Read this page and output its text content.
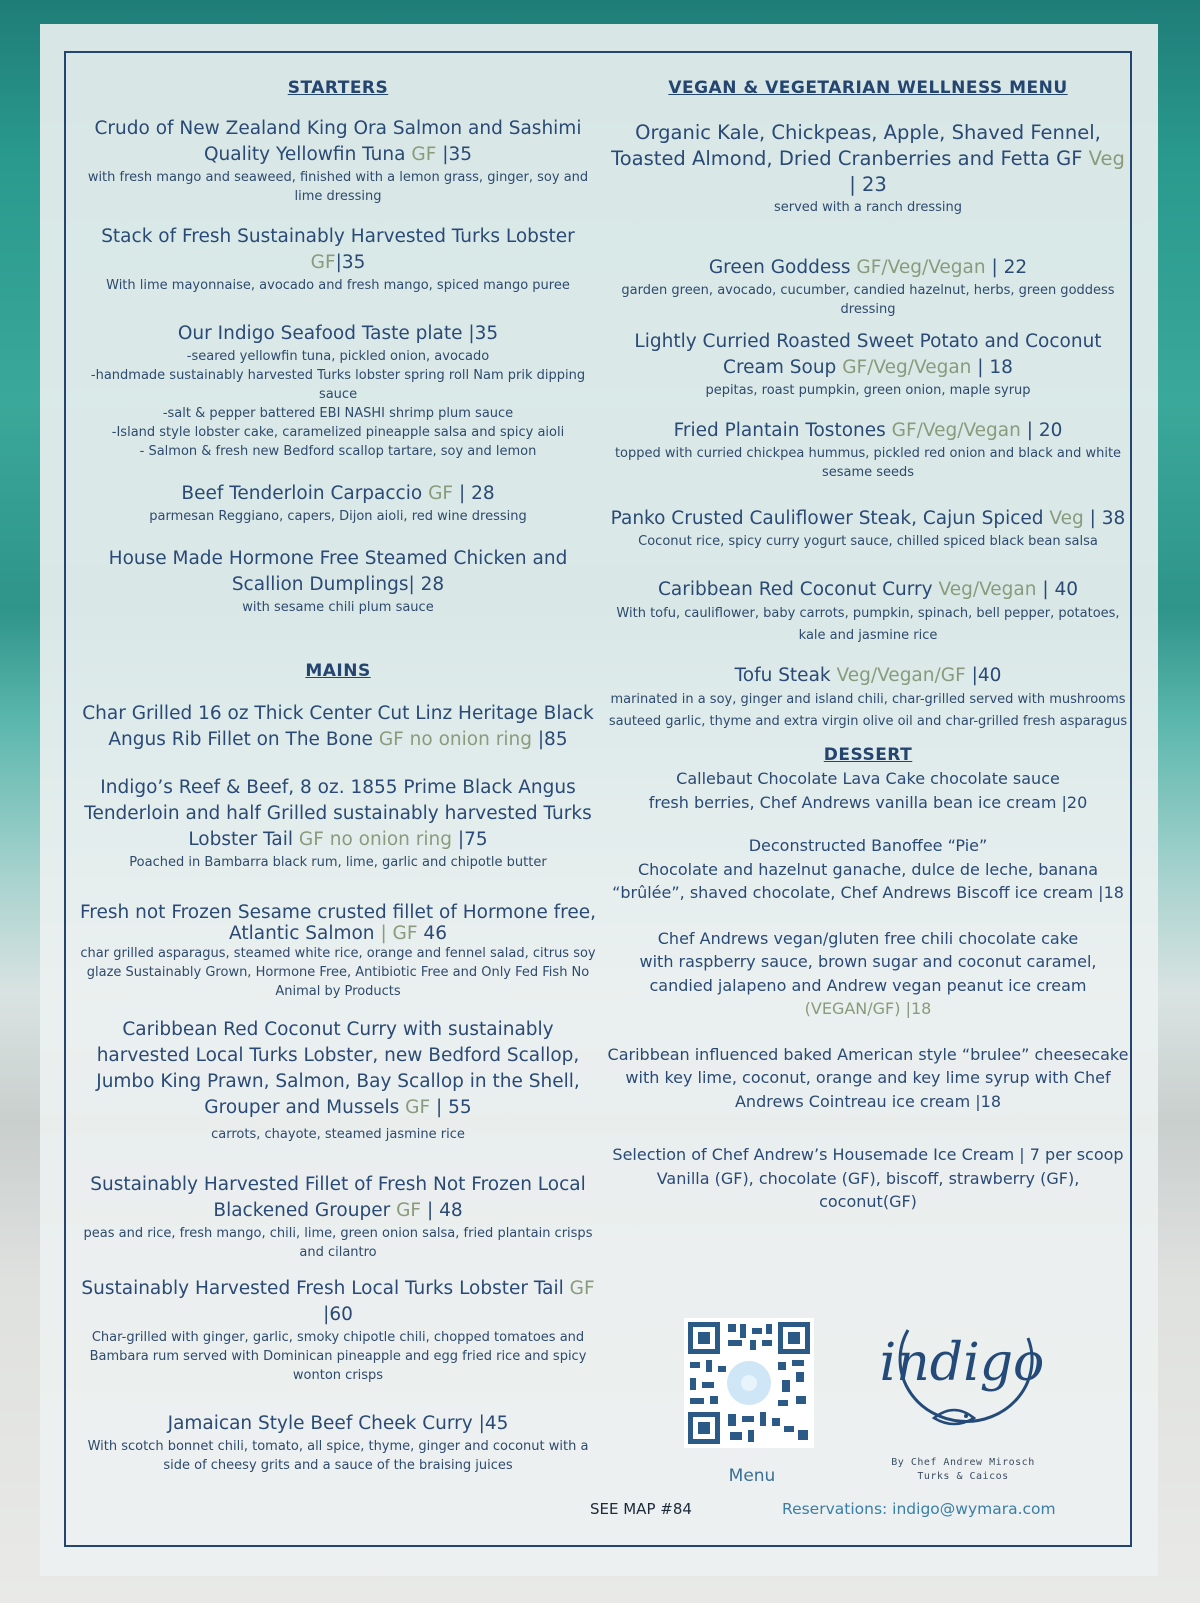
STARTERS

Crudo of New Zealand King Ora Salmon and Sashimi Quality Yellowfin Tuna GF |35
with fresh mango and seaweed, finished with a lemon grass, ginger, soy and lime dressing
Stack of Fresh Sustainably Harvested Turks Lobster GF|35
With lime mayonnaise, avocado and fresh mango, spiced mango puree
Our Indigo Seafood Taste plate |35
-seared yellowfin tuna, pickled onion, avocado
-handmade sustainably harvested Turks lobster spring roll Nam prik dipping sauce
-salt & pepper battered EBI NASHI shrimp plum sauce
-Island style lobster cake, caramelized pineapple salsa and spicy aioli
- Salmon & fresh new Bedford scallop tartare, soy and lemon
Beef Tenderloin Carpaccio GF | 28
parmesan Reggiano, capers, Dijon aioli, red wine dressing
House Made Hormone Free Steamed Chicken and Scallion Dumplings| 28
with sesame chili plum sauce

MAINS

Char Grilled 16 oz Thick Center Cut Linz Heritage Black Angus Rib Fillet on The Bone GF no onion ring |85
Indigo’s Reef & Beef, 8 oz. 1855 Prime Black Angus Tenderloin and half Grilled sustainably harvested Turks Lobster Tail GF no onion ring |75
Poached in Bambarra black rum, lime, garlic and chipotle butter
Fresh not Frozen Sesame crusted fillet of Hormone free, Atlantic Salmon | GF 46
char grilled asparagus, steamed white rice, orange and fennel salad, citrus soy glaze Sustainably Grown, Hormone Free, Antibiotic Free and Only Fed Fish No Animal by Products
Caribbean Red Coconut Curry with sustainably harvested Local Turks Lobster, new Bedford Scallop, Jumbo King Prawn, Salmon, Bay Scallop in the Shell, Grouper and Mussels GF | 55
carrots, chayote, steamed jasmine rice
Sustainably Harvested Fillet of Fresh Not Frozen Local Blackened Grouper GF | 48
peas and rice, fresh mango, chili, lime, green onion salsa, fried plantain crisps and cilantro
Sustainably Harvested Fresh Local Turks Lobster Tail GF |60
Char-grilled with ginger, garlic, smoky chipotle chili, chopped tomatoes and Bambara rum served with Dominican pineapple and egg fried rice and spicy wonton crisps
Jamaican Style Beef Cheek Curry |45
With scotch bonnet chili, tomato, all spice, thyme, ginger and coconut with a side of cheesy grits and a sauce of the braising juices

VEGAN & VEGETARIAN WELLNESS MENU

Organic Kale, Chickpeas, Apple, Shaved Fennel, Toasted Almond, Dried Cranberries and Fetta GF Veg | 23
served with a ranch dressing
Green Goddess GF/Veg/Vegan | 22
garden green, avocado, cucumber, candied hazelnut, herbs, green goddess dressing
Lightly Curried Roasted Sweet Potato and Coconut Cream Soup GF/Veg/Vegan | 18
pepitas, roast pumpkin, green onion, maple syrup
Fried Plantain Tostones GF/Veg/Vegan | 20
topped with curried chickpea hummus, pickled red onion and black and white sesame seeds
Panko Crusted Cauliflower Steak, Cajun Spiced Veg | 38
Coconut rice, spicy curry yogurt sauce, chilled spiced black bean salsa
Caribbean Red Coconut Curry Veg/Vegan | 40
With tofu, cauliflower, baby carrots, pumpkin, spinach, bell pepper, potatoes, kale and jasmine rice
Tofu Steak Veg/Vegan/GF |40
marinated in a soy, ginger and island chili, char-grilled served with mushrooms sauteed garlic, thyme and extra virgin olive oil and char-grilled fresh asparagus

DESSERT

Callebaut Chocolate Lava Cake chocolate sauce
fresh berries, Chef Andrews vanilla bean ice cream |20
Deconstructed Banoffee “Pie”
Chocolate and hazelnut ganache, dulce de leche, banana “brûlée”, shaved chocolate, Chef Andrews Biscoff ice cream |18
Chef Andrews vegan/gluten free chili chocolate cake
with raspberry sauce, brown sugar and coconut caramel, candied jalapeno and Andrew vegan peanut ice cream
(VEGAN/GF) |18
Caribbean influenced baked American style “brulee” cheesecake with key lime, coconut, orange and key lime syrup with Chef Andrews Cointreau ice cream |18
Selection of Chef Andrew’s Housemade Ice Cream | 7 per scoop
Vanilla (GF), chocolate (GF), biscoff, strawberry (GF), coconut(GF)
Menu
indigo
By Chef Andrew Mirosch
Turks & Caicos
SEE MAP #84	Reservations: indigo@wymara.com
